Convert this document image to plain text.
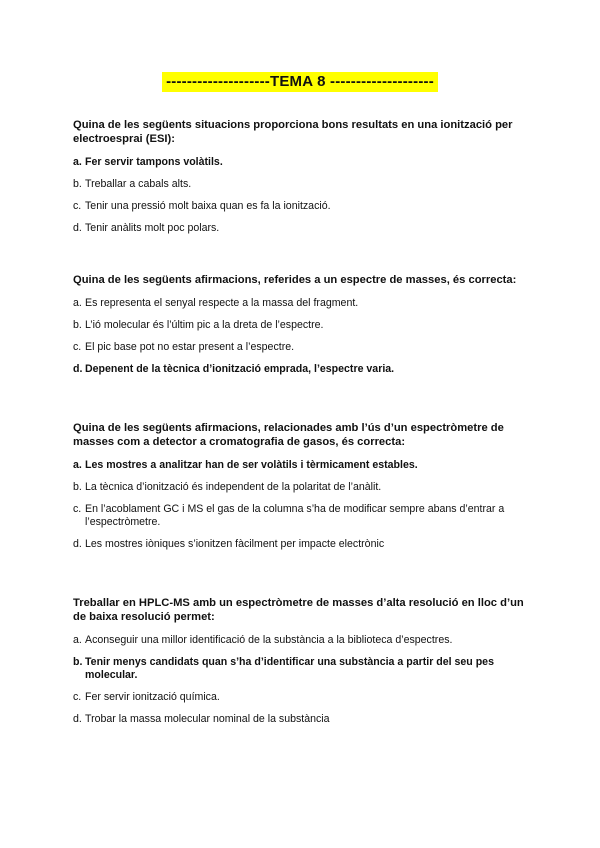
--------------------TEMA 8 --------------------

Quina de les següents situacions proporciona bons resultats en una ionització per electroesprai (ESI):

a. Fer servir tampons volàtils.
b. Treballar a cabals alts.
c. Tenir una pressió molt baixa quan es fa la ionització.
d. Tenir anàlits molt poc polars.

Quina de les següents afirmacions, referides a un espectre de masses, és correcta:

a. Es representa el senyal respecte a la massa del fragment.
b. L’ió molecular és l’últim pic a la dreta de l’espectre.
c. El pic base pot no estar present a l’espectre.
d. Depenent de la tècnica d’ionització emprada, l’espectre varia.

Quina de les següents afirmacions, relacionades amb l’ús d’un espectròmetre de masses com a detector a cromatografia de gasos, és correcta:

a. Les mostres a analitzar han de ser volàtils i tèrmicament estables.
b. La tècnica d’ionització és independent de la polaritat de l’anàlit.
c. En l’acoblament GC i MS el gas de la columna s’ha de modificar sempre abans d’entrar a l’espectròmetre.
d. Les mostres iòniques s’ionitzen fàcilment per impacte electrònic

Treballar en HPLC-MS amb un espectròmetre de masses d’alta resolució en lloc d’un de baixa resolució permet:

a. Aconseguir una millor identificació de la substància a la biblioteca d’espectres.
b. Tenir menys candidats quan s’ha d’identificar una substància a partir del seu pes molecular.
c. Fer servir ionització química.
d. Trobar la massa molecular nominal de la substància
